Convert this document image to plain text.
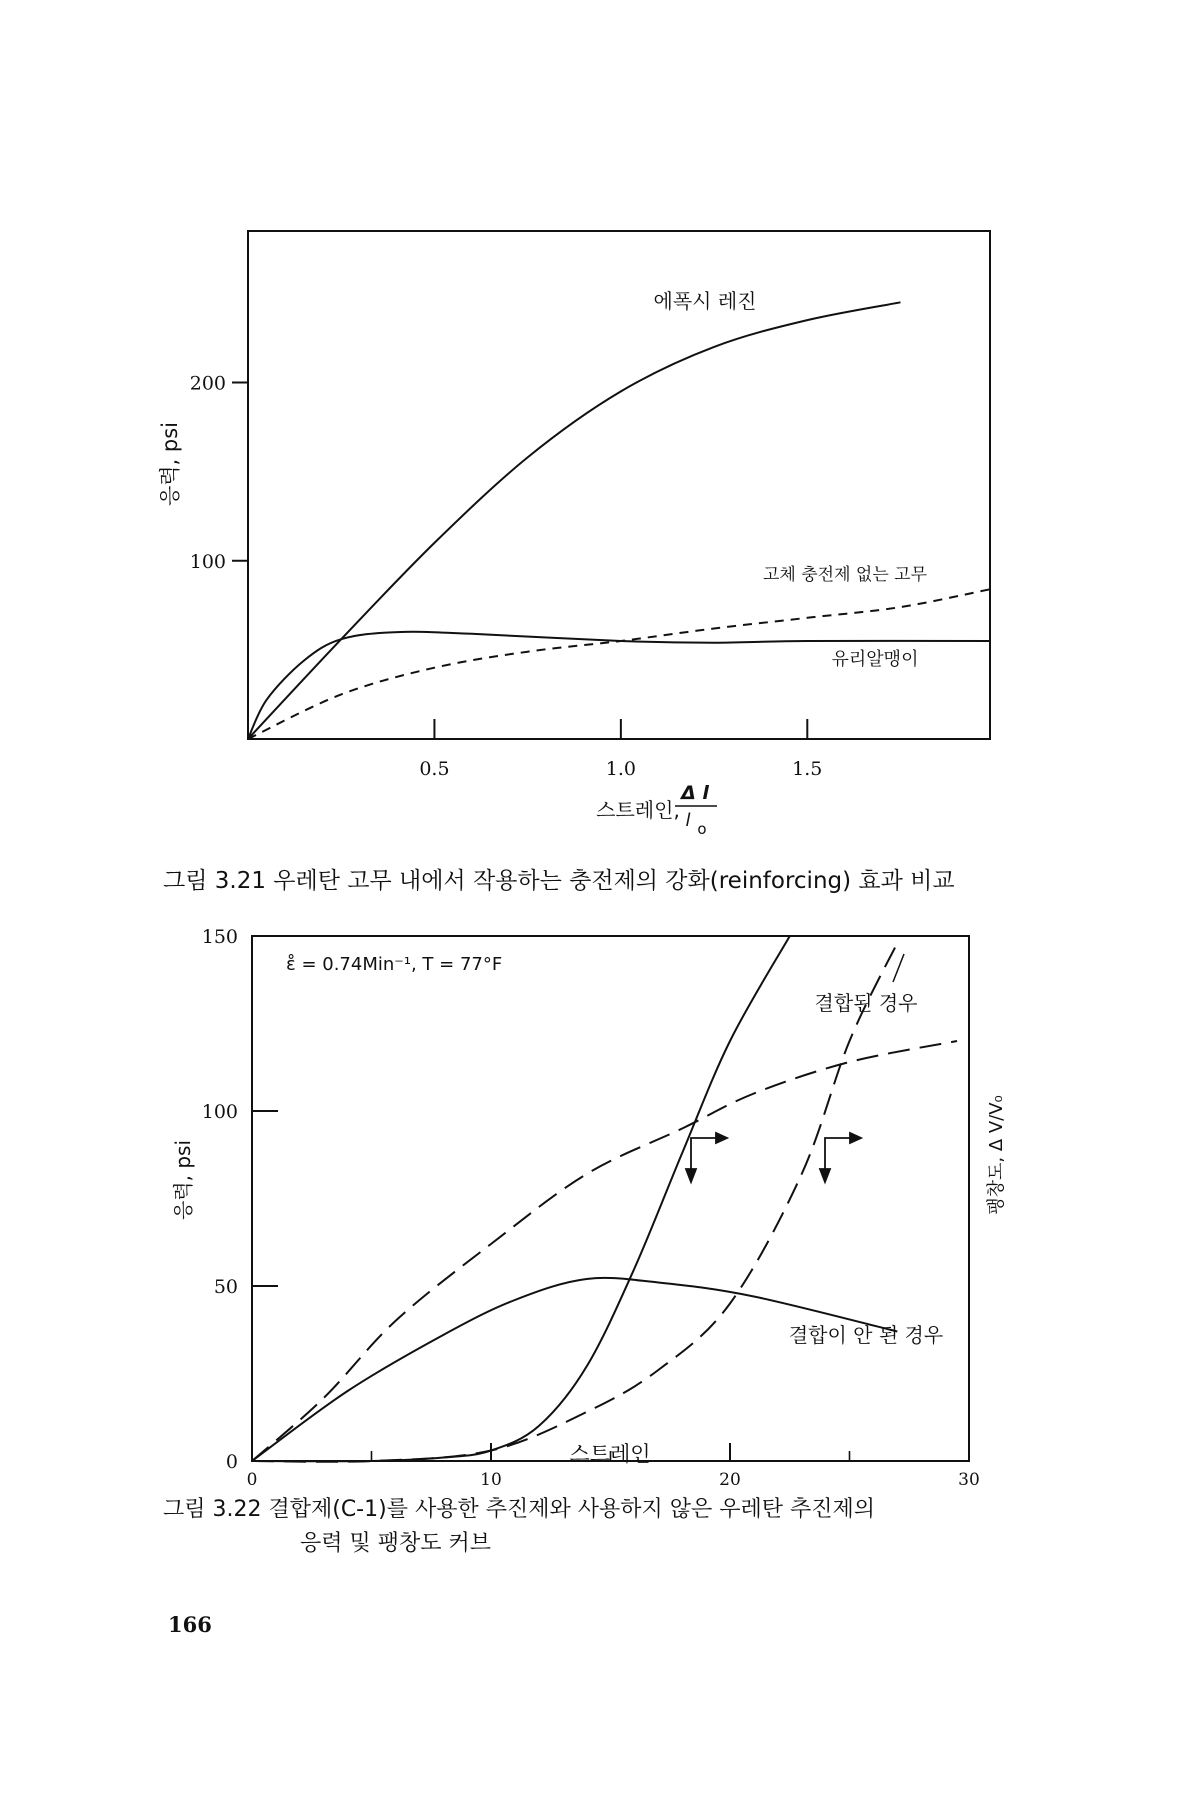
0.5	1.0	1.5
100
200
응력, psi
에폭시 레진
고체 충전제 없는 고무
유리알맹이
스트레인,
Δ l
l o
그림 3.21 우레탄 고무 내에서 작용하는 충전제의 강화(reinforcing) 효과 비교
0	10	20	30
0
50
100
150
ε̊ = 0.74Min⁻¹, T = 77°F
응력, psi	팽창도, Δ V/V₀
스트레인
결합된 경우
결합이 안 된 경우
그림 3.22 결합제(C-1)를 사용한 추진제와 사용하지 않은 우레탄 추진제의
응력 및 팽창도 커브
166
